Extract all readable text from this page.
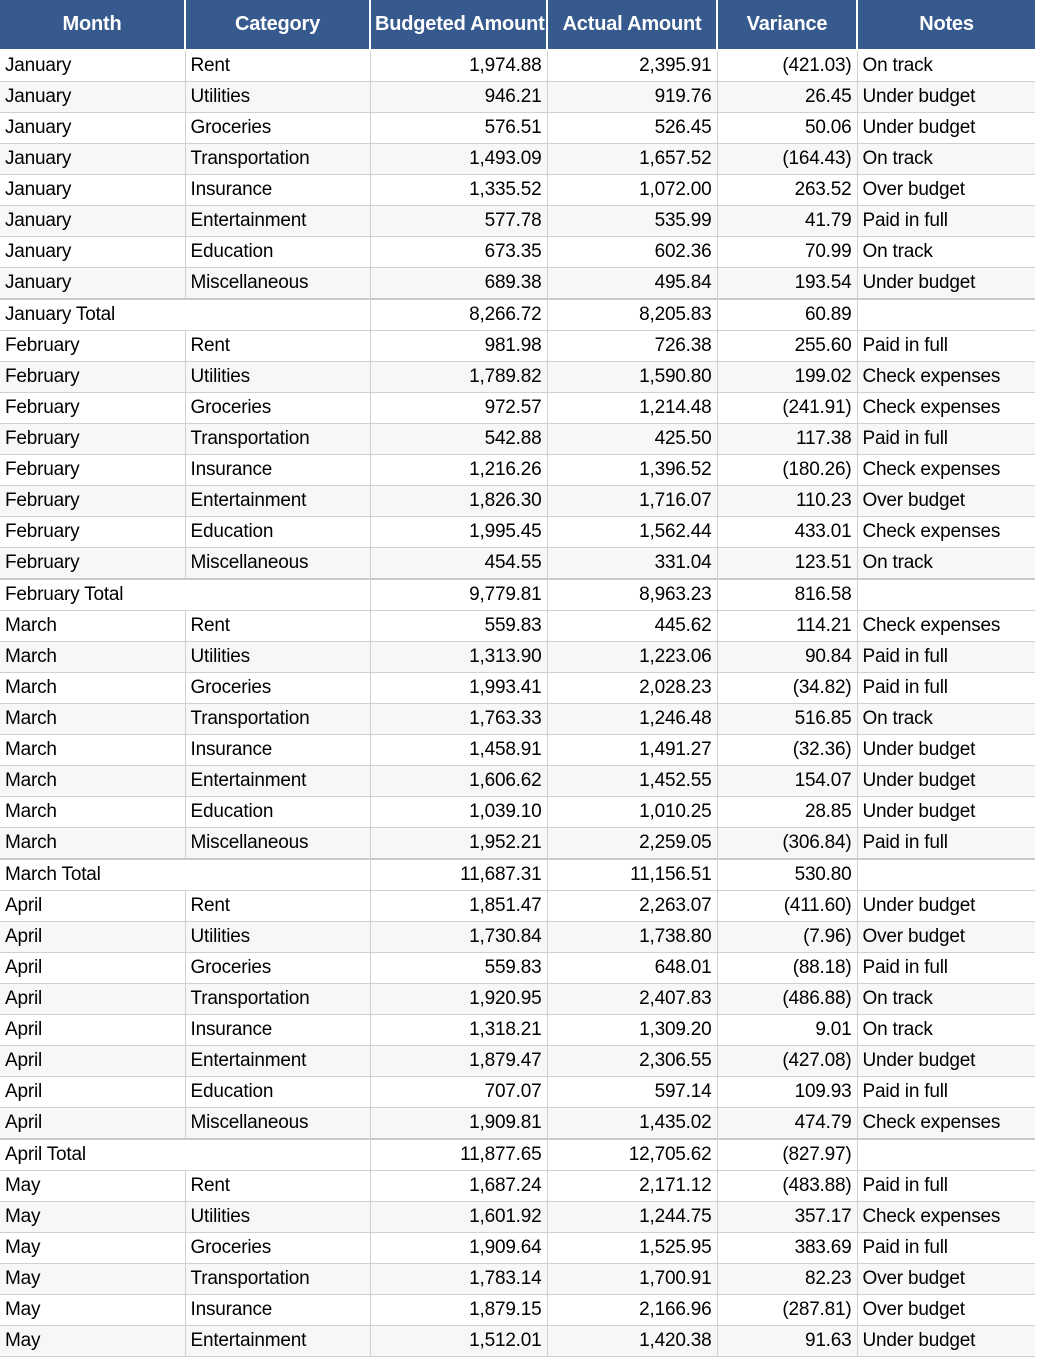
Month	Category	Budgeted Amount	Actual Amount	Variance	Notes
January	Rent	1,974.88	2,395.91	(421.03)	On track
January	Utilities	946.21	919.76	26.45	Under budget
January	Groceries	576.51	526.45	50.06	Under budget
January	Transportation	1,493.09	1,657.52	(164.43)	On track
January	Insurance	1,335.52	1,072.00	263.52	Over budget
January	Entertainment	577.78	535.99	41.79	Paid in full
January	Education	673.35	602.36	70.99	On track
January	Miscellaneous	689.38	495.84	193.54	Under budget
January Total		8,266.72	8,205.83	60.89	
February	Rent	981.98	726.38	255.60	Paid in full
February	Utilities	1,789.82	1,590.80	199.02	Check expenses
February	Groceries	972.57	1,214.48	(241.91)	Check expenses
February	Transportation	542.88	425.50	117.38	Paid in full
February	Insurance	1,216.26	1,396.52	(180.26)	Check expenses
February	Entertainment	1,826.30	1,716.07	110.23	Over budget
February	Education	1,995.45	1,562.44	433.01	Check expenses
February	Miscellaneous	454.55	331.04	123.51	On track
February Total		9,779.81	8,963.23	816.58	
March	Rent	559.83	445.62	114.21	Check expenses
March	Utilities	1,313.90	1,223.06	90.84	Paid in full
March	Groceries	1,993.41	2,028.23	(34.82)	Paid in full
March	Transportation	1,763.33	1,246.48	516.85	On track
March	Insurance	1,458.91	1,491.27	(32.36)	Under budget
March	Entertainment	1,606.62	1,452.55	154.07	Under budget
March	Education	1,039.10	1,010.25	28.85	Under budget
March	Miscellaneous	1,952.21	2,259.05	(306.84)	Paid in full
March Total		11,687.31	11,156.51	530.80	
April	Rent	1,851.47	2,263.07	(411.60)	Under budget
April	Utilities	1,730.84	1,738.80	(7.96)	Over budget
April	Groceries	559.83	648.01	(88.18)	Paid in full
April	Transportation	1,920.95	2,407.83	(486.88)	On track
April	Insurance	1,318.21	1,309.20	9.01	On track
April	Entertainment	1,879.47	2,306.55	(427.08)	Under budget
April	Education	707.07	597.14	109.93	Paid in full
April	Miscellaneous	1,909.81	1,435.02	474.79	Check expenses
April Total		11,877.65	12,705.62	(827.97)	
May	Rent	1,687.24	2,171.12	(483.88)	Paid in full
May	Utilities	1,601.92	1,244.75	357.17	Check expenses
May	Groceries	1,909.64	1,525.95	383.69	Paid in full
May	Transportation	1,783.14	1,700.91	82.23	Over budget
May	Insurance	1,879.15	2,166.96	(287.81)	Over budget
May	Entertainment	1,512.01	1,420.38	91.63	Under budget
